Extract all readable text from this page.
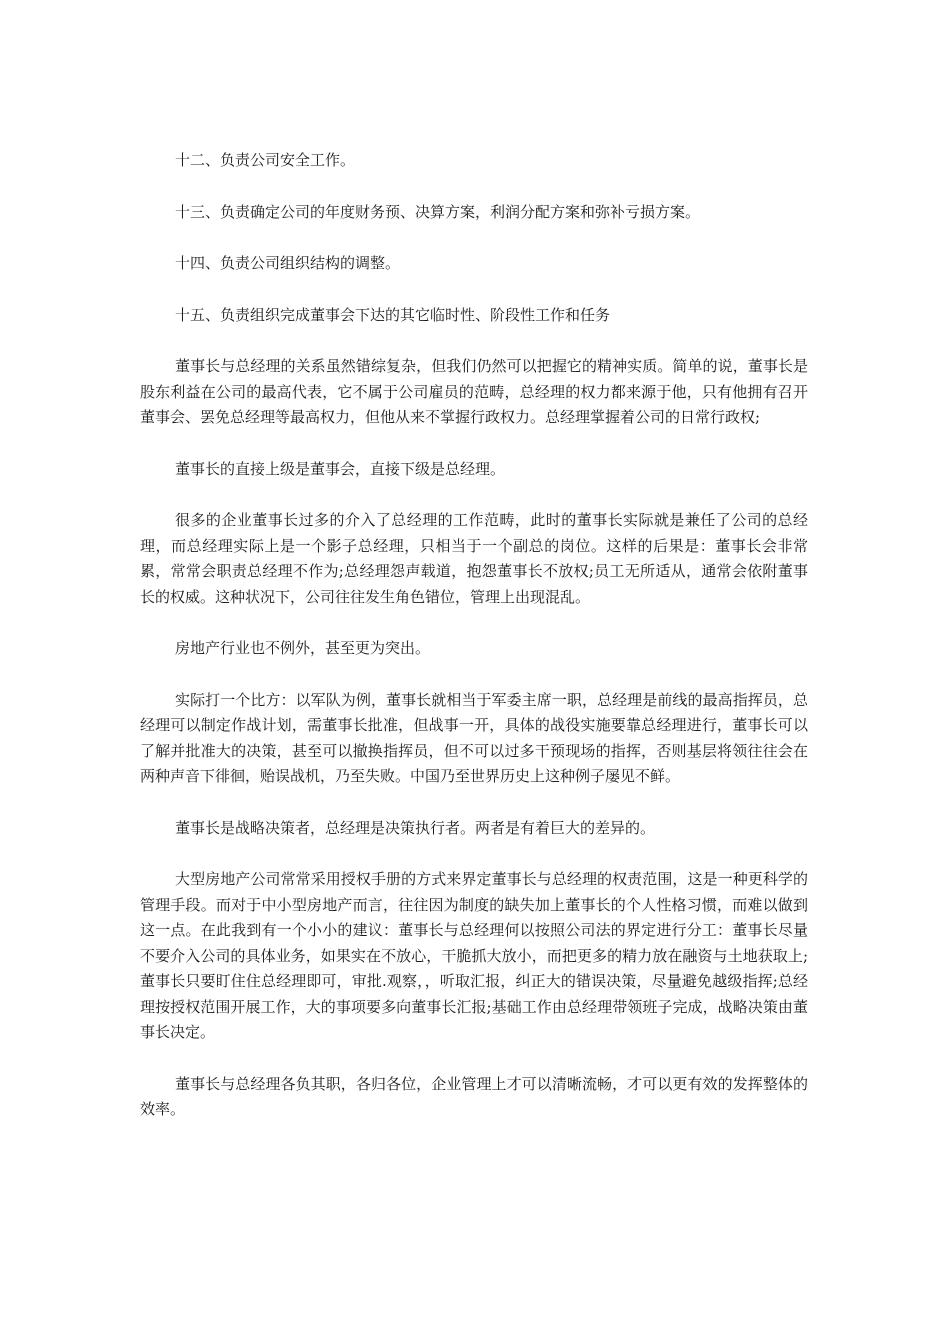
十二、负责公司安全工作。

十三、负责确定公司的年度财务预、决算方案，利润分配方案和弥补亏损方案。

十四、负责公司组织结构的调整。

十五、负责组织完成董事会下达的其它临时性、阶段性工作和任务

董事长与总经理的关系虽然错综复杂，但我们仍然可以把握它的精神实质。简单的说，董事长是股东利益在公司的最高代表，它不属于公司雇员的范畴，总经理的权力都来源于他，只有他拥有召开董事会、罢免总经理等最高权力，但他从来不掌握行政权力。总经理掌握着公司的日常行政权;

董事长的直接上级是董事会，直接下级是总经理。

很多的企业董事长过多的介入了总经理的工作范畴，此时的董事长实际就是兼任了公司的总经理，而总经理实际上是一个影子总经理，只相当于一个副总的岗位。这样的后果是：董事长会非常累，常常会职责总经理不作为;总经理怨声载道，抱怨董事长不放权;员工无所适从，通常会依附董事长的权威。这种状况下，公司往往发生角色错位，管理上出现混乱。

房地产行业也不例外，甚至更为突出。

实际打一个比方：以军队为例，董事长就相当于军委主席一职，总经理是前线的最高指挥员，总经理可以制定作战计划，需董事长批准，但战事一开，具体的战役实施要靠总经理进行，董事长可以了解并批准大的决策，甚至可以撤换指挥员，但不可以过多干预现场的指挥，否则基层将领往往会在两种声音下徘徊，贻误战机，乃至失败。中国乃至世界历史上这种例子屡见不鲜。

董事长是战略决策者，总经理是决策执行者。两者是有着巨大的差异的。

大型房地产公司常常采用授权手册的方式来界定董事长与总经理的权责范围，这是一种更科学的管理手段。而对于中小型房地产而言，往往因为制度的缺失加上董事长的个人性格习惯，而难以做到这一点。在此我到有一个小小的建议：董事长与总经理何以按照公司法的界定进行分工：董事长尽量不要介入公司的具体业务，如果实在不放心，干脆抓大放小，而把更多的精力放在融资与土地获取上;董事长只要盯住住总经理即可，审批.观察，，听取汇报，纠正大的错误决策，尽量避免越级指挥;总经理按授权范围开展工作，大的事项要多向董事长汇报;基础工作由总经理带领班子完成，战略决策由董事长决定。

董事长与总经理各负其职，各归各位，企业管理上才可以清晰流畅，才可以更有效的发挥整体的效率。
